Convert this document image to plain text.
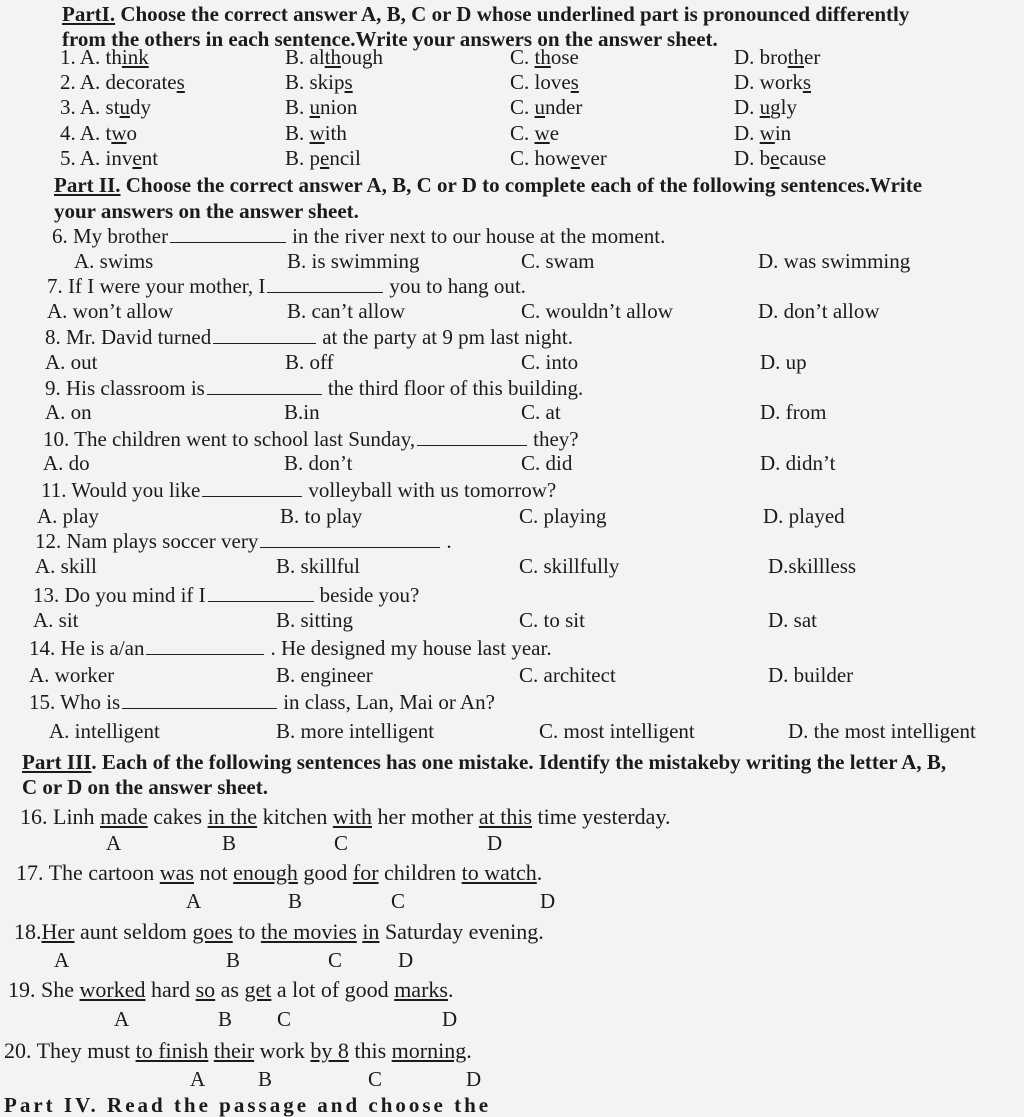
PartI. Choose the correct answer A, B, C or D whose underlined part is pronounced differently
from the others in each sentence.Write your answers on the answer sheet.
1. A. think	B. although	C. those	D. brother
2. A. decorates	B. skips	C. loves	D. works
3. A. study	B. union	C. under	D. ugly
4. A. two	B. with	C. we	D. win
5. A. invent	B. pencil	C. however	D. because
Part II. Choose the correct answer A, B, C or D to complete each of the following sentences.Write
your answers on the answer sheet.
6. My brother	in the river next to our house at the moment.
A. swims	B. is swimming	C. swam	D. was swimming
7. If I were your mother, I	you to hang out.
A. won’t allow	B. can’t allow	C. wouldn’t allow	D. don’t allow
8. Mr. David turned	at the party at 9 pm last night.
A. out	B. off	C. into	D. up
9. His classroom is	the third floor of this building.
A. on	B.in	C. at	D. from
10. The children went to school last Sunday,	they?
A. do	B. don’t	C. did	D. didn’t
11. Would you like	volleyball with us tomorrow?
A. play	B. to play	C. playing	D. played
12. Nam plays soccer very	.
A. skill	B. skillful	C. skillfully	D.skillless
13. Do you mind if I	beside you?
A. sit	B. sitting	C. to sit	D. sat
14. He is a/an	. He designed my house last year.
A. worker	B. engineer	C. architect	D. builder
15. Who is	in class, Lan, Mai or An?
A. intelligent	B. more intelligent	C. most intelligent	D. the most intelligent
Part III. Each of the following sentences has one mistake. Identify the mistakeby writing the letter A, B,
C or D on the answer sheet.
16. Linh made cakes in the kitchen with her mother at this time yesterday.
A	B	C	D
17. The cartoon was not enough good for children to watch.
A	B	C	D
18.Her aunt seldom goes to the movies in Saturday evening.
A	B	C	D
19. She worked hard so as get a lot of good marks.
A	B C	D
20. They must to finish their work by 8 this morning.
A	B	C	D
Part IV. Read the passage and choose the
